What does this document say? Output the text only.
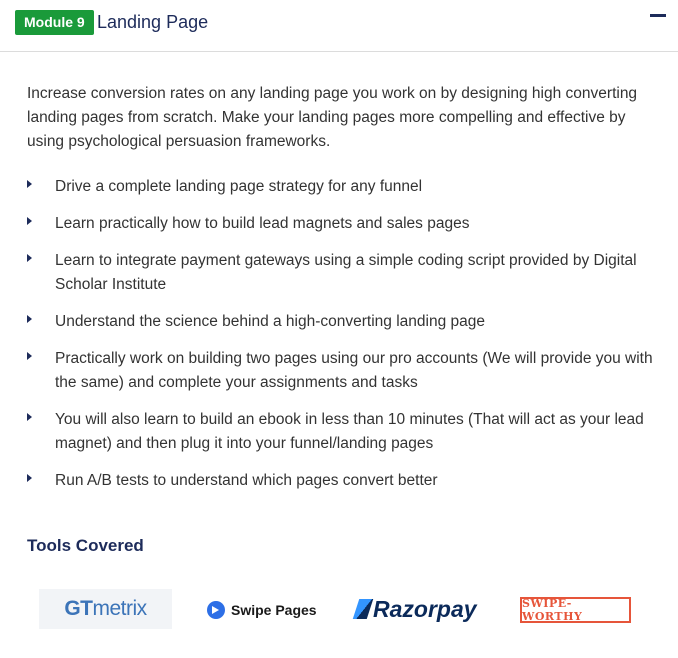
Module 9 Landing Page

Increase conversion rates on any landing page you work on by designing high converting landing pages from scratch. Make your landing pages more compelling and effective by using psychological persuasion frameworks.

Drive a complete landing page strategy for any funnel
Learn practically how to build lead magnets and sales pages
Learn to integrate payment gateways using a simple coding script provided by Digital Scholar Institute
Understand the science behind a high-converting landing page
Practically work on building two pages using our pro accounts (We will provide you with the same) and complete your assignments and tasks
You will also learn to build an ebook in less than 10 minutes (That will act as your lead magnet) and then plug it into your funnel/landing pages
Run A/B tests to understand which pages convert better
Tools Covered
GT metrix	Swipe Pages Razorpay	SWIPE-WORTHY
